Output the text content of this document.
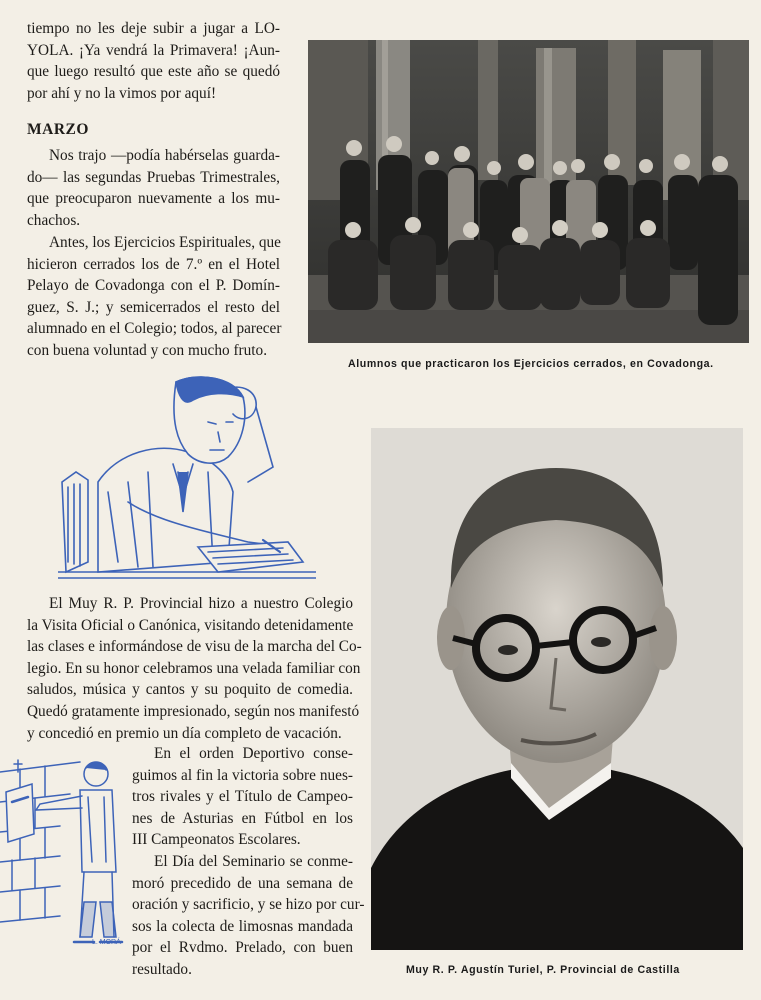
tiempo no les deje subir a jugar a LO-
YOLA. ¡Ya vendrá la Primavera! ¡Aun-
que luego resultó que este año se quedó
por ahí y no la vimos por aquí!
MARZO
Nos trajo —podía habérselas guarda-
do— las segundas Pruebas Trimestrales,
que preocuparon nuevamente a los mu-
chachos.
Antes, los Ejercicios Espirituales, que
hicieron cerrados los de 7.º en el Hotel
Pelayo de Covadonga con el P. Domín-
guez, S. J.; y semicerrados el resto del
alumnado en el Colegio; todos, al parecer
con buena voluntad y con mucho fruto.
Alumnos que practicaron los Ejercicios cerrados, en Covadonga.
Muy R. P. Agustín Turiel, P. Provincial de Castilla
El Muy R. P. Provincial hizo a nuestro Colegio
la Visita Oficial o Canónica, visitando detenidamente
las clases e informándose de visu de la marcha del Co-
legio. En su honor celebramos una velada familiar con
saludos, música y cantos y su poquito de comedia.
Quedó gratamente impresionado, según nos manifestó
y concedió en premio un día completo de vacación.
L. MORÁ
En el orden Deportivo conse-
guimos al fin la victoria sobre nues-
tros rivales y el Título de Campeo-
nes de Asturias en Fútbol en los
III Campeonatos Escolares.
El Día del Seminario se conme-
moró precedido de una semana de
oración y sacrificio, y se hizo por cur-
sos la colecta de limosnas mandada
por el Rvdmo. Prelado, con buen
resultado.
